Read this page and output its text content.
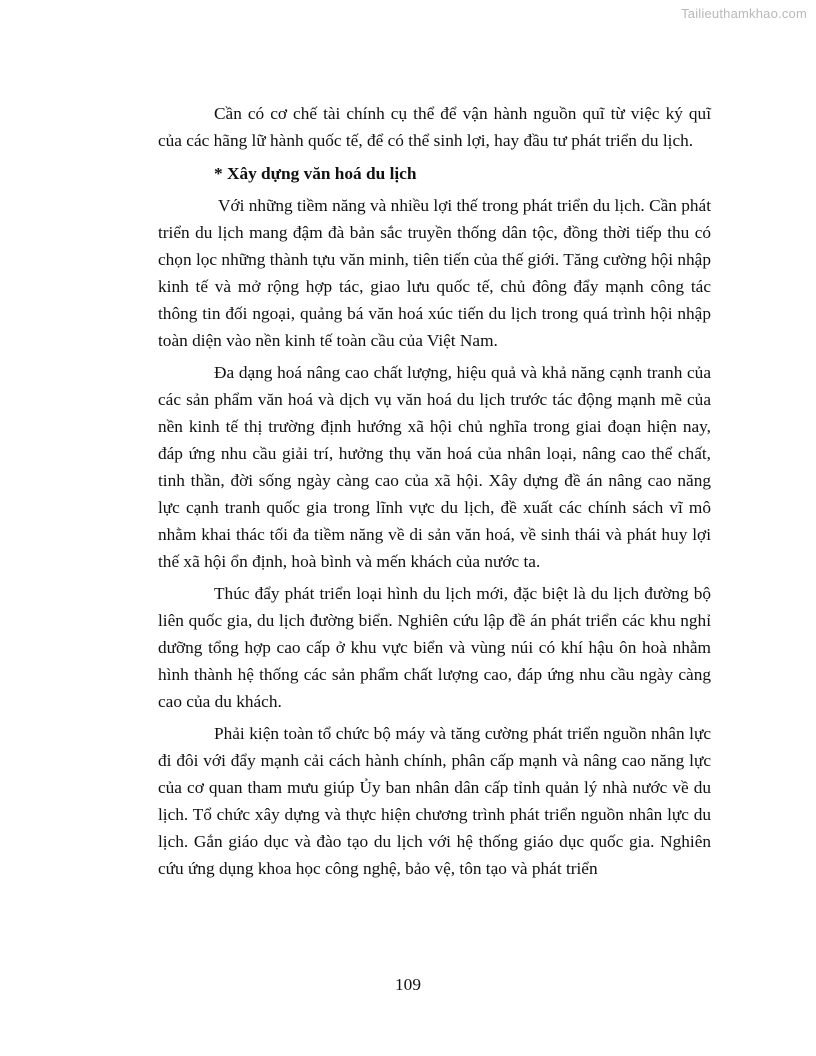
Tailieuthamkhao.com

Cần có cơ chế tài chính cụ thể để vận hành nguồn quĩ từ việc ký quĩ của các hãng lữ hành quốc tế, để có thể sinh lợi, hay đầu tư phát triển du lịch.

* Xây dựng văn hoá du lịch

Với những tiềm năng và nhiều lợi thế trong phát triển du lịch. Cần phát triển du lịch mang đậm đà bản sắc truyền thống dân tộc, đồng thời tiếp thu có chọn lọc những thành tựu văn minh, tiên tiến của thế giới. Tăng cường hội nhập kinh tế và mở rộng hợp tác, giao lưu quốc tế, chủ đông đẩy mạnh công tác thông tin đối ngoại, quảng bá văn hoá xúc tiến du lịch trong quá trình hội nhập toàn diện vào nền kinh tế toàn cầu của Việt Nam.

Đa dạng hoá nâng cao chất lượng, hiệu quả và khả năng cạnh tranh của các sản phẩm văn hoá và dịch vụ văn hoá du lịch trước tác động mạnh mẽ của nền kinh tế thị trường định hướng xã hội chủ nghĩa trong giai đoạn hiện nay, đáp ứng nhu cầu giải trí, hưởng thụ văn hoá của nhân loại, nâng cao thể chất, tinh thần, đời sống ngày càng cao của xã hội. Xây dựng đề án nâng cao năng lực cạnh tranh quốc gia trong lĩnh vực du lịch, đề xuất các chính sách vĩ mô nhằm khai thác tối đa tiềm năng về di sản văn hoá, về sinh thái và phát huy lợi thế xã hội ổn định, hoà bình và mến khách của nước ta.

Thúc đẩy phát triển loại hình du lịch mới, đặc biệt là du lịch đường bộ liên quốc gia, du lịch đường biển. Nghiên cứu lập đề án phát triển các khu nghỉ dưỡng tổng hợp cao cấp ở khu vực biển và vùng núi có khí hậu ôn hoà nhằm hình thành hệ thống các sản phẩm chất lượng cao, đáp ứng nhu cầu ngày càng cao của du khách.

Phải kiện toàn tổ chức bộ máy và tăng cường phát triển nguồn nhân lực đi đôi với đẩy mạnh cải cách hành chính, phân cấp mạnh và nâng cao năng lực của cơ quan tham mưu giúp Ủy ban nhân dân cấp tỉnh quản lý nhà nước về du lịch. Tổ chức xây dựng và thực hiện chương trình phát triển nguồn nhân lực du lịch. Gắn giáo dục và đào tạo du lịch với hệ thống giáo dục quốc gia. Nghiên cứu ứng dụng khoa học công nghệ, bảo vệ, tôn tạo và phát triển

109
